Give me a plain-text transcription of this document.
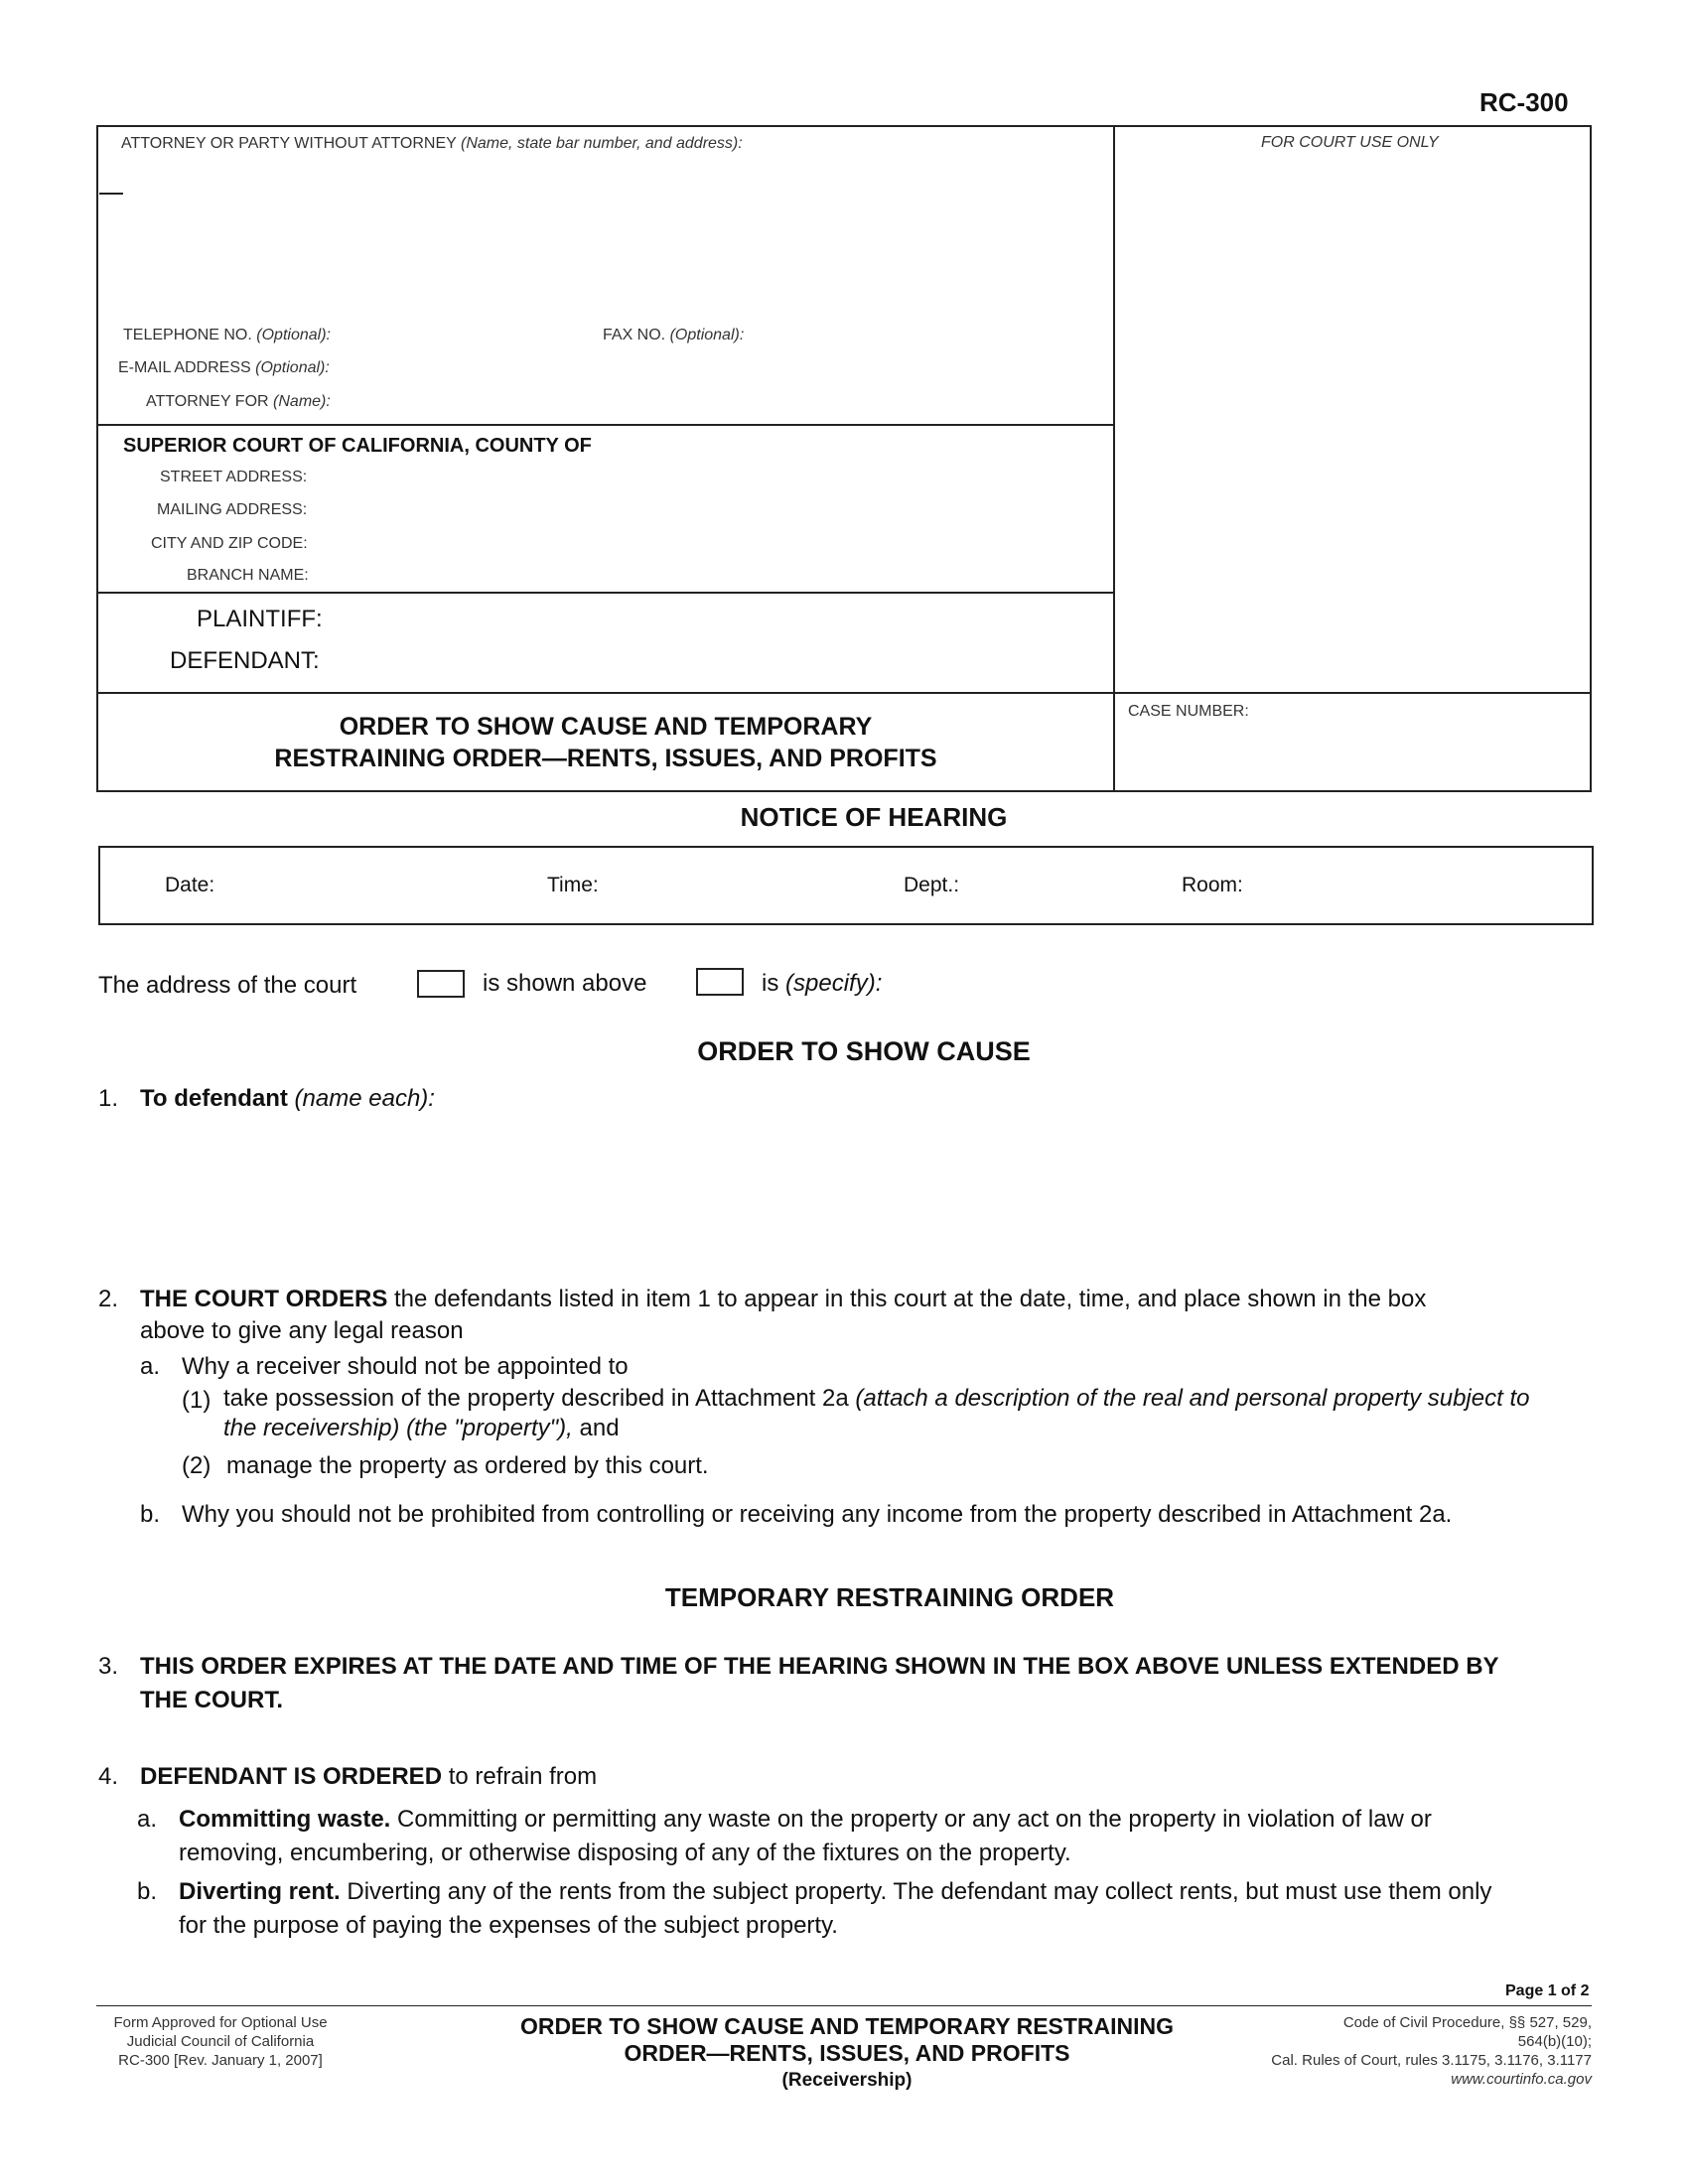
RC-300
ATTORNEY OR PARTY WITHOUT ATTORNEY (Name, state bar number, and address):	FOR COURT USE ONLY
TELEPHONE NO. (Optional):	FAX NO. (Optional):
E-MAIL ADDRESS (Optional):
ATTORNEY FOR (Name):
SUPERIOR COURT OF CALIFORNIA, COUNTY OF
STREET ADDRESS:
MAILING ADDRESS:
CITY AND ZIP CODE:
BRANCH NAME:
PLAINTIFF:
DEFENDANT:
ORDER TO SHOW CAUSE AND TEMPORARY
RESTRAINING ORDER—RENTS, ISSUES, AND PROFITS
CASE NUMBER:
NOTICE OF HEARING
Date:	Time:	Dept.:	Room:
The address of the court	is shown above	is (specify):
ORDER TO SHOW CAUSE
1. To defendant (name each):
2. THE COURT ORDERS the defendants listed in item 1 to appear in this court at the date, time, and place shown in the box
above to give any legal reason
a. Why a receiver should not be appointed to
(1) take possession of the property described in Attachment 2a (attach a description of the real and personal property subject to
the receivership) (the "property"), and
(2) manage the property as ordered by this court.
b. Why you should not be prohibited from controlling or receiving any income from the property described in Attachment 2a.
TEMPORARY RESTRAINING ORDER
3. THIS ORDER EXPIRES AT THE DATE AND TIME OF THE HEARING SHOWN IN THE BOX ABOVE UNLESS EXTENDED BY
THE COURT.
4. DEFENDANT IS ORDERED to refrain from
a. Committing waste. Committing or permitting any waste on the property or any act on the property in violation of law or
removing, encumbering, or otherwise disposing of any of the fixtures on the property.
b. Diverting rent. Diverting any of the rents from the subject property. The defendant may collect rents, but must use them only
for the purpose of paying the expenses of the subject property.
Page 1 of 2
Form Approved for Optional Use
Judicial Council of California
RC-300 [Rev. January 1, 2007]
ORDER TO SHOW CAUSE AND TEMPORARY RESTRAINING
ORDER—RENTS, ISSUES, AND PROFITS
(Receivership)
Code of Civil Procedure, §§ 527, 529,
564(b)(10);
Cal. Rules of Court, rules 3.1175, 3.1176, 3.1177
www.courtinfo.ca.gov
